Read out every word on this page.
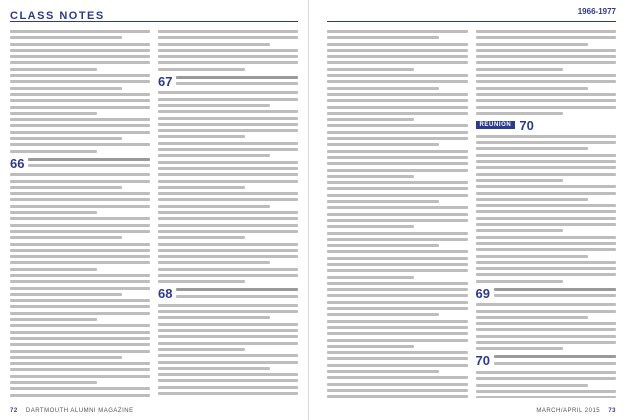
CLASS NOTES
66
67
68
72 DARTMOUTH ALUMNI MAGAZINE
1966-1977
REUNION 70
69
70
MARCH/APRIL 2015 73
